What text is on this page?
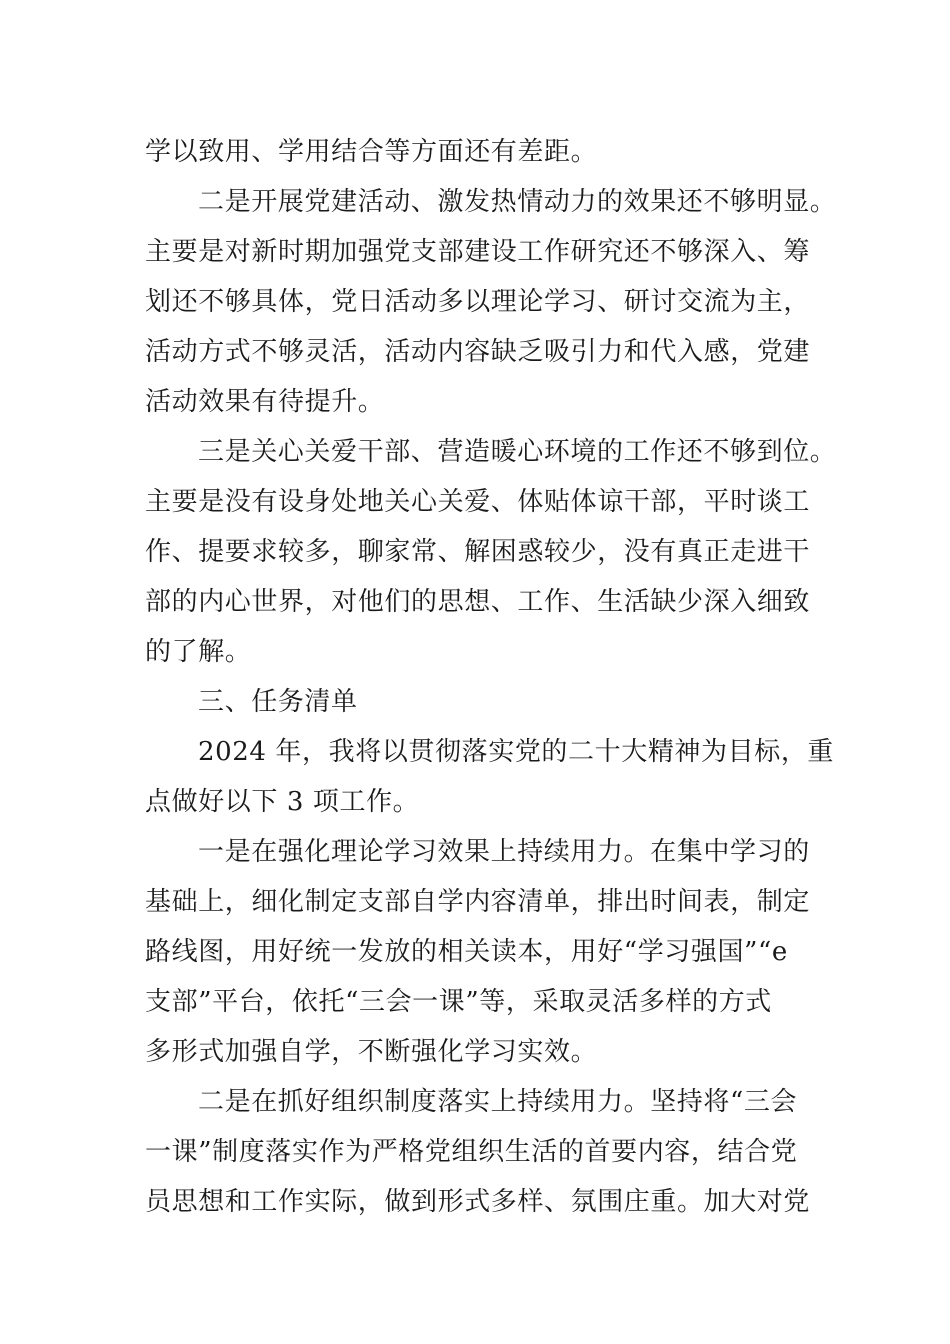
学以致用、学用结合等方面还有差距。
二是开展党建活动、激发热情动力的效果还不够明显。
主要是对新时期加强党支部建设工作研究还不够深入、筹
划还不够具体，党日活动多以理论学习、研讨交流为主，
活动方式不够灵活，活动内容缺乏吸引力和代入感，党建
活动效果有待提升。
三是关心关爱干部、营造暖心环境的工作还不够到位。
主要是没有设身处地关心关爱、体贴体谅干部，平时谈工
作、提要求较多，聊家常、解困惑较少，没有真正走进干
部的内心世界，对他们的思想、工作、生活缺少深入细致
的了解。
三、任务清单
2024 年，我将以贯彻落实党的二十大精神为目标，重
点做好以下 3 项工作。
一是在强化理论学习效果上持续用力。在集中学习的
基础上，细化制定支部自学内容清单，排出时间表，制定
路线图，用好统一发放的相关读本，用好“学习强国”“e
支部”平台，依托“三会一课”等，采取灵活多样的方式
多形式加强自学，不断强化学习实效。
二是在抓好组织制度落实上持续用力。坚持将“三会
一课”制度落实作为严格党组织生活的首要内容，结合党
员思想和工作实际，做到形式多样、氛围庄重。加大对党
